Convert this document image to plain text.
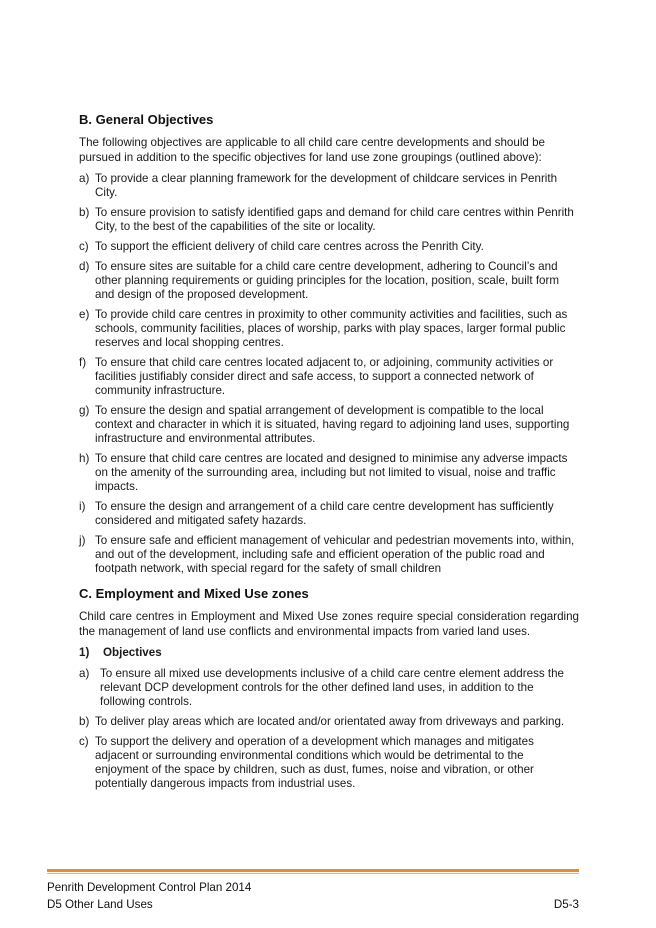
B. General Objectives

The following objectives are applicable to all child care centre developments and should be pursued in addition to the specific objectives for land use zone groupings (outlined above):

a) To provide a clear planning framework for the development of childcare services in Penrith City.
b) To ensure provision to satisfy identified gaps and demand for child care centres within Penrith City, to the best of the capabilities of the site or locality.
c) To support the efficient delivery of child care centres across the Penrith City.
d) To ensure sites are suitable for a child care centre development, adhering to Council’s and other planning requirements or guiding principles for the location, position, scale, built form and design of the proposed development.
e) To provide child care centres in proximity to other community activities and facilities, such as schools, community facilities, places of worship, parks with play spaces, larger formal public reserves and local shopping centres.
f) To ensure that child care centres located adjacent to, or adjoining, community activities or facilities justifiably consider direct and safe access, to support a connected network of community infrastructure.
g) To ensure the design and spatial arrangement of development is compatible to the local context and character in which it is situated, having regard to adjoining land uses, supporting infrastructure and environmental attributes.
h) To ensure that child care centres are located and designed to minimise any adverse impacts on the amenity of the surrounding area, including but not limited to visual, noise and traffic impacts.
i) To ensure the design and arrangement of a child care centre development has sufficiently considered and mitigated safety hazards.
j) To ensure safe and efficient management of vehicular and pedestrian movements into, within, and out of the development, including safe and efficient operation of the public road and footpath network, with special regard for the safety of small children
C. Employment and Mixed Use zones

Child care centres in Employment and Mixed Use zones require special consideration regarding the management of land use conflicts and environmental impacts from varied land uses.

1)	Objectives
a) To ensure all mixed use developments inclusive of a child care centre element address the relevant DCP development controls for the other defined land uses, in addition to the following controls.
b) To deliver play areas which are located and/or orientated away from driveways and parking.
c) To support the delivery and operation of a development which manages and mitigates adjacent or surrounding environmental conditions which would be detrimental to the enjoyment of the space by children, such as dust, fumes, noise and vibration, or other potentially dangerous impacts from industrial uses.
Penrith Development Control Plan 2014
D5 Other Land Uses	D5-3
